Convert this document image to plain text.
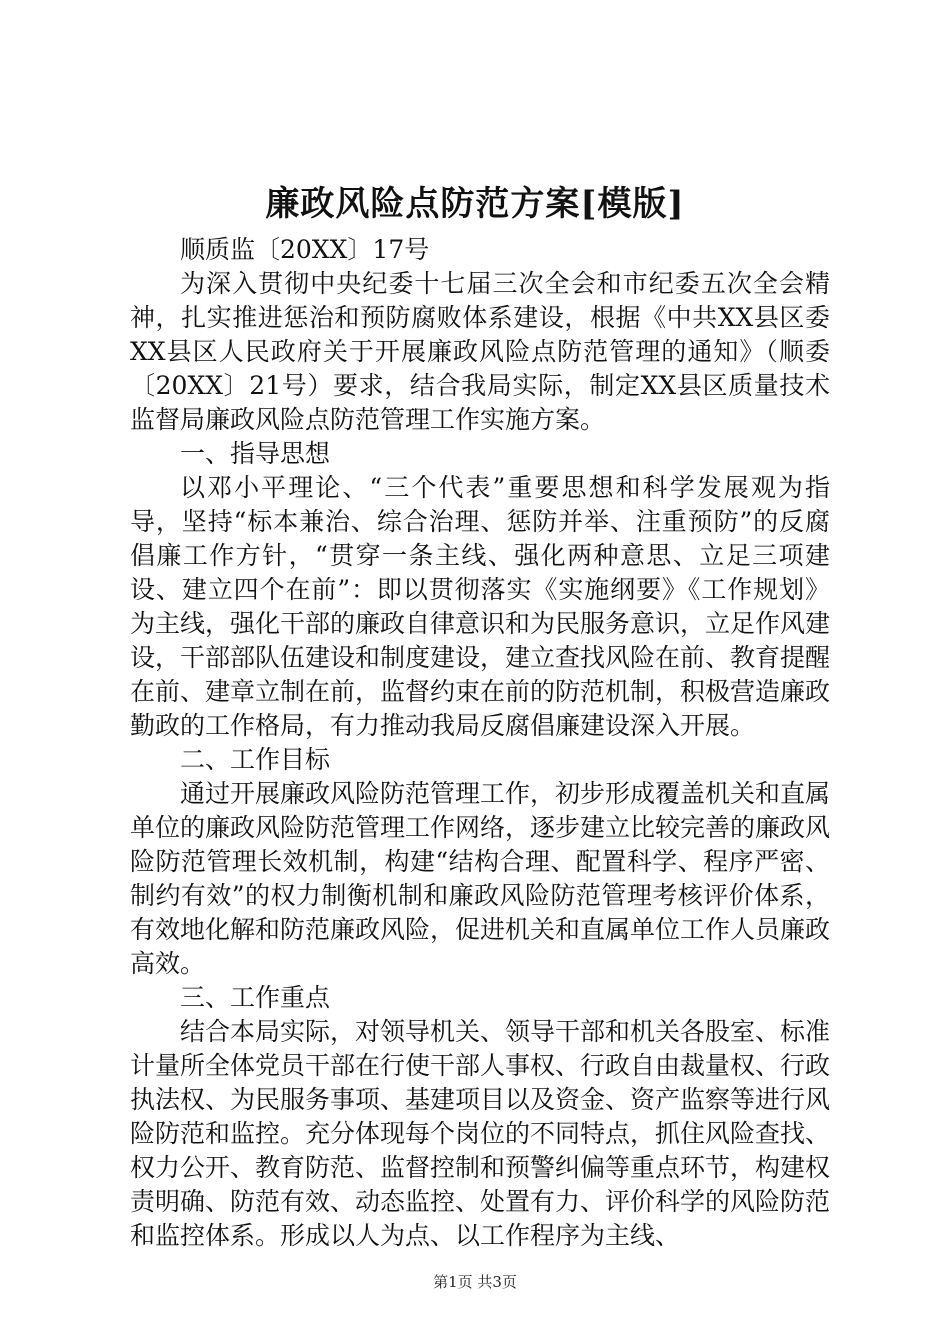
廉政风险点防范方案[模版]

顺质监〔20XX〕17号

为深入贯彻中央纪委十七届三次全会和市纪委五次全会精神，扎实推进惩治和预防腐败体系建设，根据《中共XX县区委XX县区人民政府关于开展廉政风险点防范管理的通知》（顺委〔20XX〕21号）要求，结合我局实际，制定XX县区质量技术监督局廉政风险点防范管理工作实施方案。

一、指导思想

以邓小平理论、“三个代表”重要思想和科学发展观为指导，坚持“标本兼治、综合治理、惩防并举、注重预防”的反腐倡廉工作方针，“贯穿一条主线、强化两种意思、立足三项建设、建立四个在前”：即以贯彻落实《实施纲要》《工作规划》为主线，强化干部的廉政自律意识和为民服务意识，立足作风建设，干部部队伍建设和制度建设，建立查找风险在前、教育提醒在前、建章立制在前，监督约束在前的防范机制，积极营造廉政勤政的工作格局，有力推动我局反腐倡廉建设深入开展。

二、工作目标

通过开展廉政风险防范管理工作，初步形成覆盖机关和直属单位的廉政风险防范管理工作网络，逐步建立比较完善的廉政风险防范管理长效机制，构建“结构合理、配置科学、程序严密、制约有效”的权力制衡机制和廉政风险防范管理考核评价体系，有效地化解和防范廉政风险，促进机关和直属单位工作人员廉政高效。

三、工作重点

结合本局实际，对领导机关、领导干部和机关各股室、标准计量所全体党员干部在行使干部人事权、行政自由裁量权、行政执法权、为民服务事项、基建项目以及资金、资产监察等进行风险防范和监控。充分体现每个岗位的不同特点，抓住风险查找、权力公开、教育防范、监督控制和预警纠偏等重点环节，构建权责明确、防范有效、动态监控、处置有力、评价科学的风险防范和监控体系。形成以人为点、以工作程序为主线、

第1页 共3页
